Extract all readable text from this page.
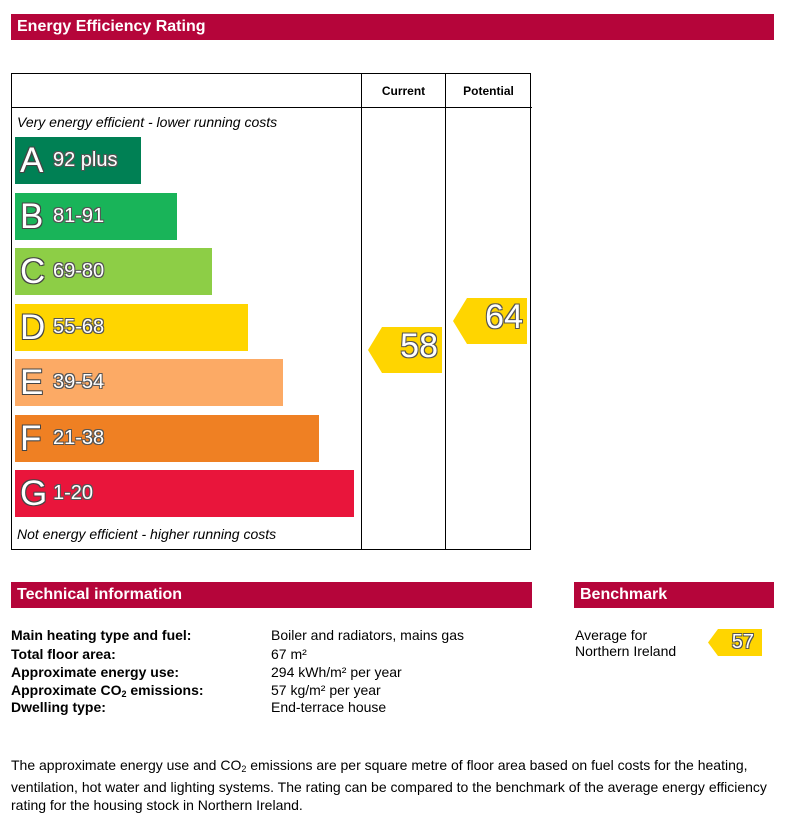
Energy Efficiency Rating
Current	Potential
Very energy efficient - lower running costs
Not energy efficient - higher running costs
A 92 plus
B 81-91
C 69-80
D 55-68
E 39-54
F 21-38
G 1-20
58
64
Technical information	Benchmark
Main heating type and fuel:	Boiler and radiators, mains gas
Total floor area:	67 m²
Approximate energy use:	294 kWh/m² per year
Approximate $CO_2$ emissions:	57 kg/m² per year
Dwelling type:	End-terrace house
Average for
Northern Ireland	57
The approximate energy use and $CO_2$ emissions are per square metre of floor area based on fuel costs for the heating, ventilation, hot water and lighting systems. The rating can be compared to the benchmark of the average energy efficiency rating for the housing stock in Northern Ireland.
